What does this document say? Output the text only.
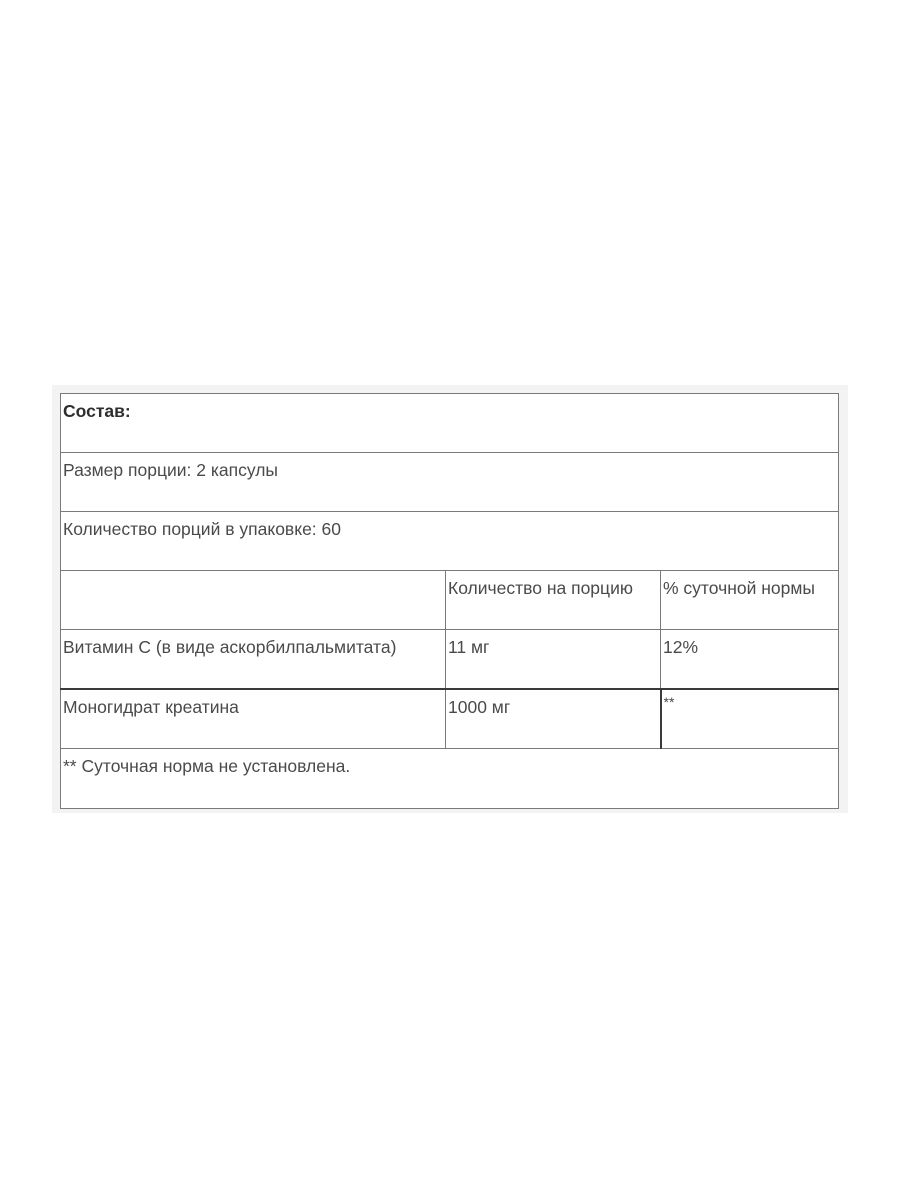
Состав:		
Размер порции: 2 капсулы		
Количество порций в упаковке: 60		
	Количество на порцию	% суточной нормы
Витамин С (в виде аскорбилпальмитата)	11 мг	12%
Моногидрат креатина	1000 мг	**
** Суточная норма не установлена.		
